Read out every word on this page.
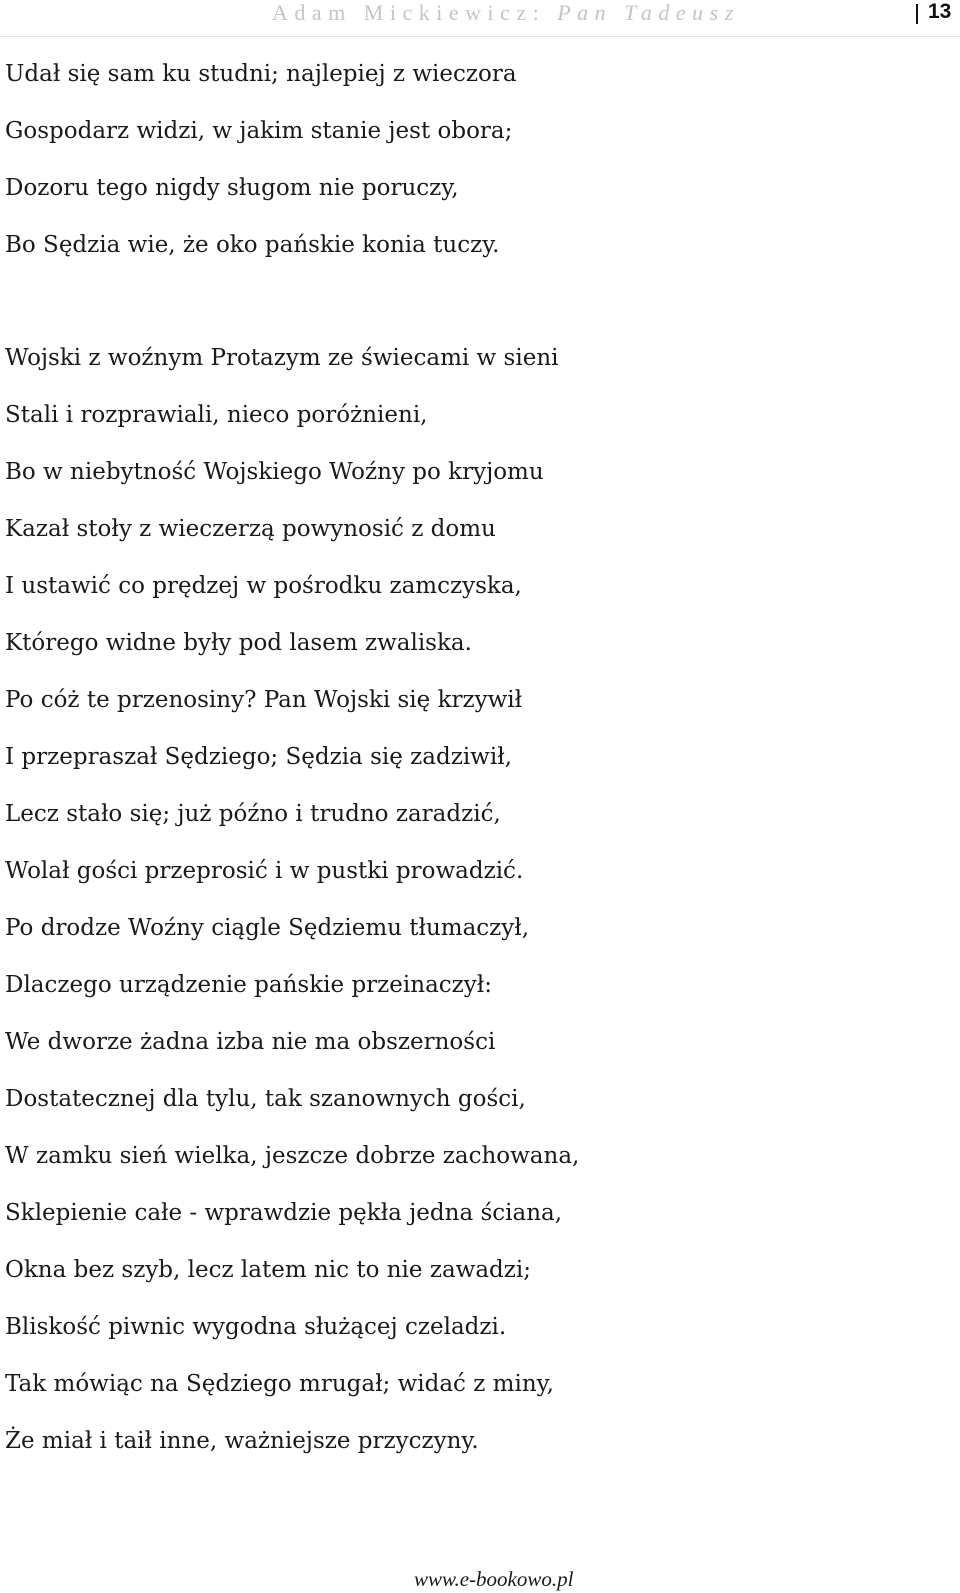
Adam Mickiewicz: Pan Tadeusz	13
Udał się sam ku studni; najlepiej z wieczora
Gospodarz widzi, w jakim stanie jest obora;
Dozoru tego nigdy sługom nie poruczy,
Bo Sędzia wie, że oko pańskie konia tuczy.
Wojski z woźnym Protazym ze świecami w sieni
Stali i rozprawiali, nieco poróżnieni,
Bo w niebytność Wojskiego Woźny po kryjomu
Kazał stoły z wieczerzą powynosić z domu
I ustawić co prędzej w pośrodku zamczyska,
Którego widne były pod lasem zwaliska.
Po cóż te przenosiny? Pan Wojski się krzywił
I przepraszał Sędziego; Sędzia się zadziwił,
Lecz stało się; już późno i trudno zaradzić,
Wolał gości przeprosić i w pustki prowadzić.
Po drodze Woźny ciągle Sędziemu tłumaczył,
Dlaczego urządzenie pańskie przeinaczył:
We dworze żadna izba nie ma obszerności
Dostatecznej dla tylu, tak szanownych gości,
W zamku sień wielka, jeszcze dobrze zachowana,
Sklepienie całe - wprawdzie pękła jedna ściana,
Okna bez szyb, lecz latem nic to nie zawadzi;
Bliskość piwnic wygodna służącej czeladzi.
Tak mówiąc na Sędziego mrugał; widać z miny,
Że miał i taił inne, ważniejsze przyczyny.
www.e-bookowo.pl
